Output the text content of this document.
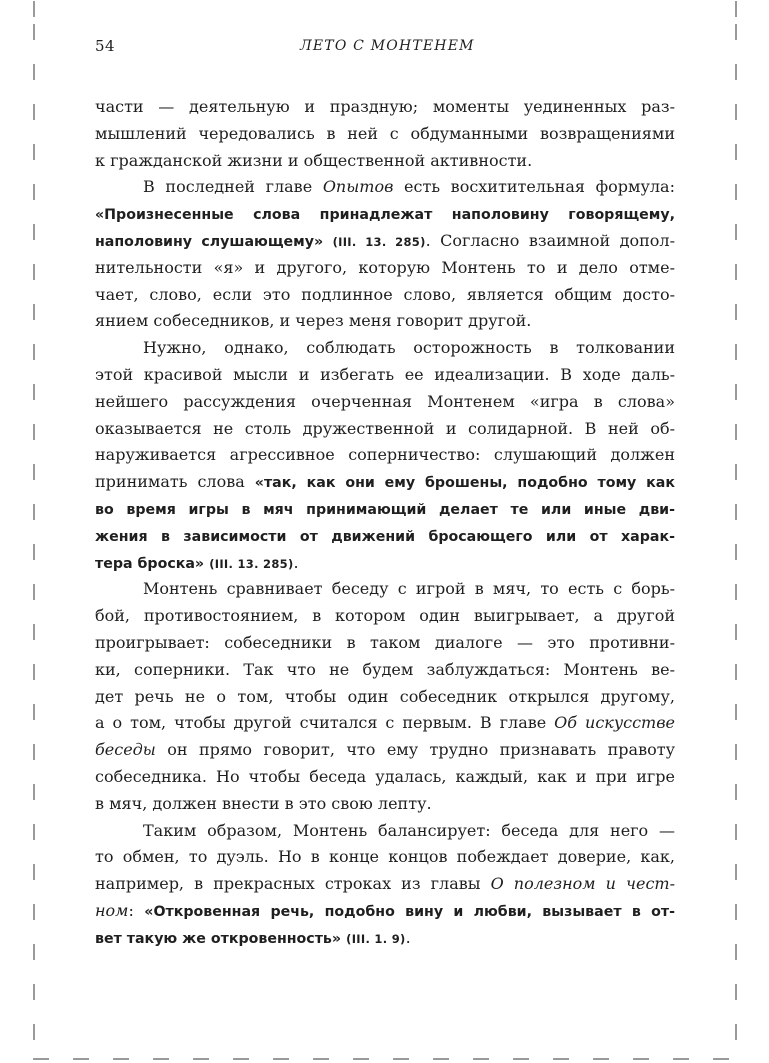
54	ЛЕТО С МОНТЕНЕМ
части — деятельную и праздную; моменты уединенных раз-
мышлений чередовались в ней с обдуманными возвращениями
к гражданской жизни и общественной активности.
В последней главе Опытов есть восхитительная формула:
«Произнесенные слова принадлежат наполовину говорящему,
наполовину слушающему» (III. 13. 285). Согласно взаимной допол-
нительности «я» и другого, которую Монтень то и дело отме-
чает, слово, если это подлинное слово, является общим досто-
янием собеседников, и через меня говорит другой.
Нужно, однако, соблюдать осторожность в толковании
этой красивой мысли и избегать ее идеализации. В ходе даль-
нейшего рассуждения очерченная Монтенем «игра в слова»
оказывается не столь дружественной и солидарной. В ней об-
наруживается агрессивное соперничество: слушающий должен
принимать слова «так, как они ему брошены, подобно тому как
во время игры в мяч принимающий делает те или иные дви-
жения в зависимости от движений бросающего или от харак-
тера броска» (III. 13. 285).
Монтень сравнивает беседу с игрой в мяч, то есть с борь-
бой, противостоянием, в котором один выигрывает, а другой
проигрывает: собеседники в таком диалоге — это противни-
ки, соперники. Так что не будем заблуждаться: Монтень ве-
дет речь не о том, чтобы один собеседник открылся другому,
а о том, чтобы другой считался с первым. В главе Об искусстве
беседы он прямо говорит, что ему трудно признавать правоту
собеседника. Но чтобы беседа удалась, каждый, как и при игре
в мяч, должен внести в это свою лепту.
Таким образом, Монтень балансирует: беседа для него —
то обмен, то дуэль. Но в конце концов побеждает доверие, как,
например, в прекрасных строках из главы О полезном и чест-
ном: «Откровенная речь, подобно вину и любви, вызывает в от-
вет такую же откровенность» (III. 1. 9).
